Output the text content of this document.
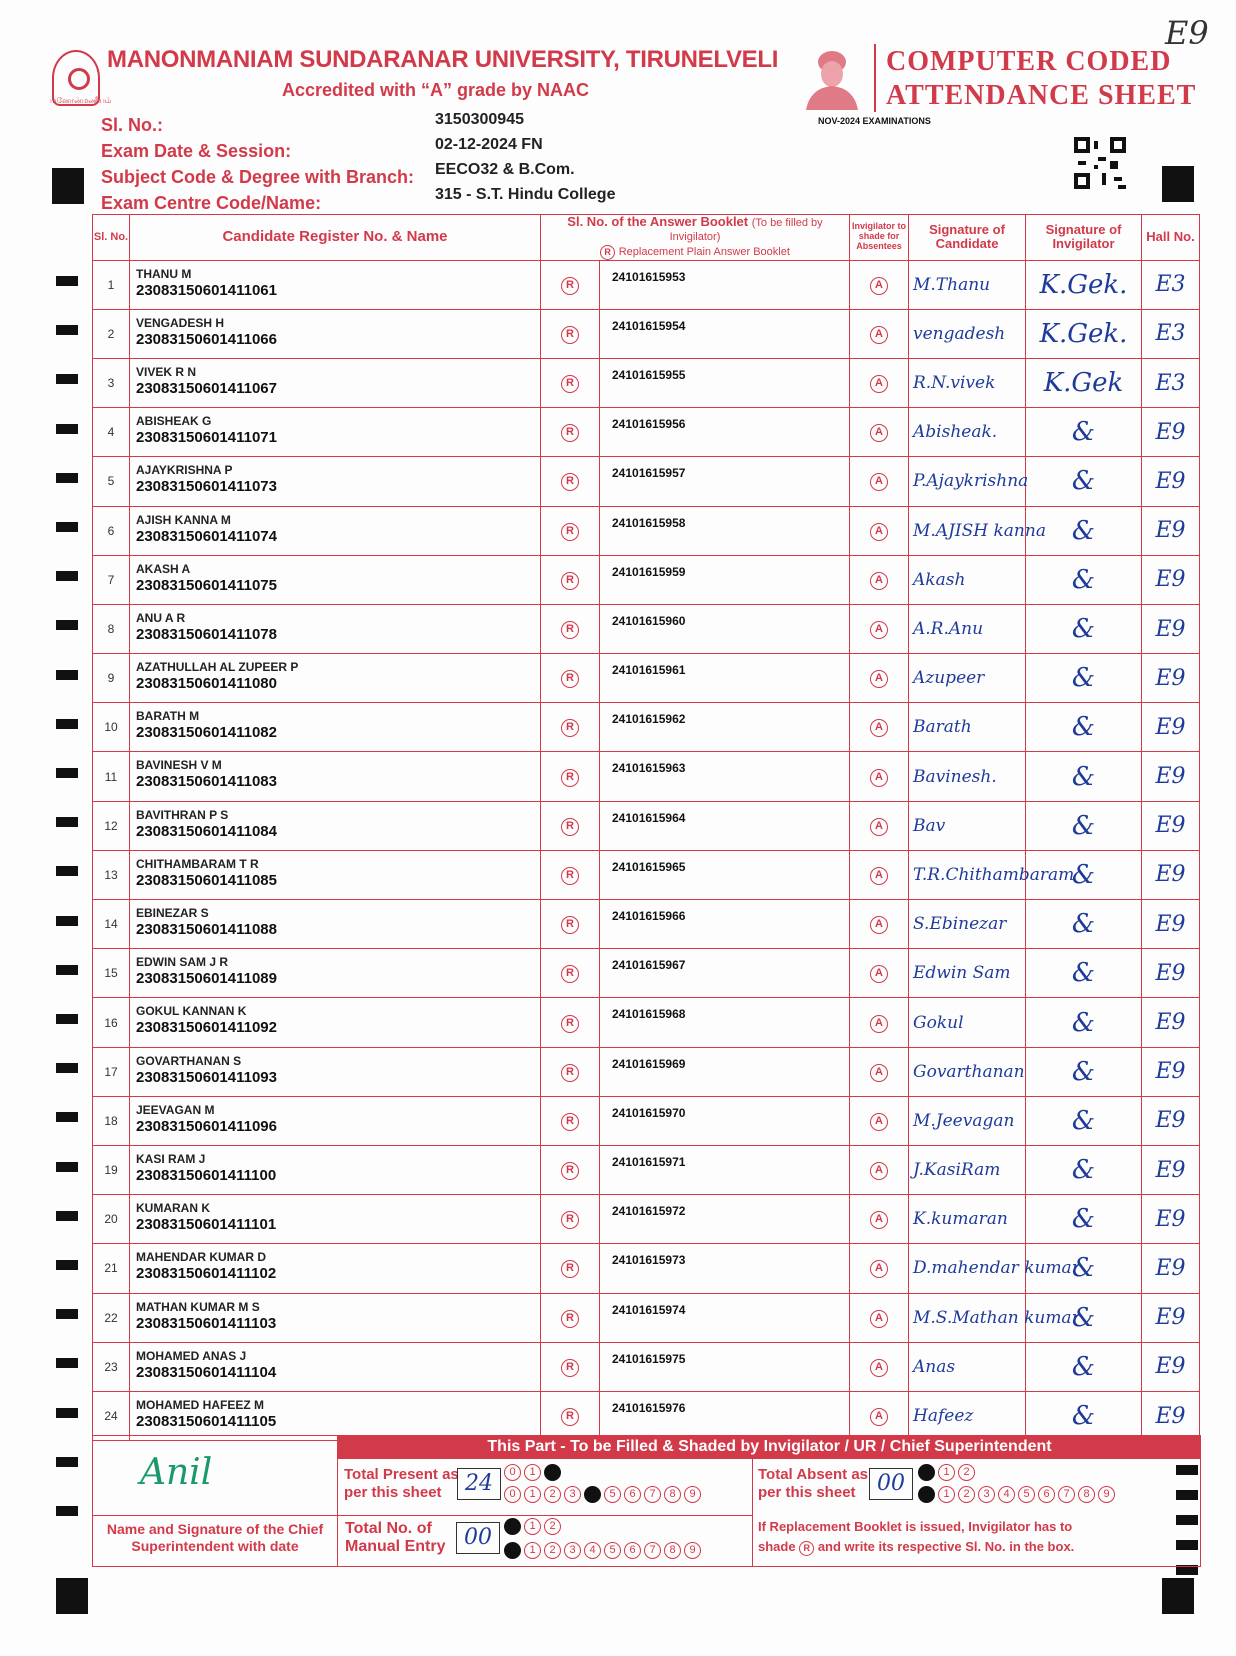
மனோன்மணீயம்
MANONMANIAM SUNDARANAR UNIVERSITY, TIRUNELVELI
Accredited with “A” grade by NAAC
COMPUTER CODED
ATTENDANCE SHEET
NOV-2024 EXAMINATIONS
E9
Sl. No.:	3150300945
Exam Date & Session:	02-12-2024 FN
Subject Code & Degree with Branch: EECO32 & B.Com.
Exam Centre Code/Name:	315 - S.T. Hindu College
Sl. No.	Candidate Register No. & Name	Sl. No. of the Answer Booklet (To be filled by Invigilator)
R Replacement Plain Answer Booklet		Invigilator to shade for Absentees	Signature of Candidate	Signature of Invigilator	Hall No.
1	THANU M
23083150601411061	R	24101615953	A	M.Thanu	K.Gek.	E3
2	VENGADESH H
23083150601411066	R	24101615954	A	vengadesh	K.Gek.	E3
3	VIVEK R N
23083150601411067	R	24101615955	A	R.N.vivek	K.Gek	E3
4	ABISHEAK G
23083150601411071	R	24101615956	A	Abisheak.	&	E9
5	AJAYKRISHNA P
23083150601411073	R	24101615957	A	P.Ajaykrishna	&	E9
6	AJISH KANNA M
23083150601411074	R	24101615958	A	M.AJISH kanna	&	E9
7	AKASH A
23083150601411075	R	24101615959	A	Akash	&	E9
8	ANU A R
23083150601411078	R	24101615960	A	A.R.Anu	&	E9
9	AZATHULLAH AL ZUPEER P
23083150601411080	R	24101615961	A	Azupeer	&	E9
10	BARATH M
23083150601411082	R	24101615962	A	Barath	&	E9
11	BAVINESH V M
23083150601411083	R	24101615963	A	Bavinesh.	&	E9
12	BAVITHRAN P S
23083150601411084	R	24101615964	A	Bav	&	E9
13	CHITHAMBARAM T R
23083150601411085	R	24101615965	A	T.R.Chithambaram	&	E9
14	EBINEZAR S
23083150601411088	R	24101615966	A	S.Ebinezar	&	E9
15	EDWIN SAM J R
23083150601411089	R	24101615967	A	Edwin Sam	&	E9
16	GOKUL KANNAN K
23083150601411092	R	24101615968	A	Gokul	&	E9
17	GOVARTHANAN S
23083150601411093	R	24101615969	A	Govarthanan	&	E9
18	JEEVAGAN M
23083150601411096	R	24101615970	A	M.Jeevagan	&	E9
19	KASI RAM J
23083150601411100	R	24101615971	A	J.KasiRam	&	E9
20	KUMARAN K
23083150601411101	R	24101615972	A	K.kumaran	&	E9
21	MAHENDAR KUMAR D
23083150601411102	R	24101615973	A	D.mahendar kumar	&	E9
22	MATHAN KUMAR M S
23083150601411103	R	24101615974	A	M.S.Mathan kumar	&	E9
23	MOHAMED ANAS J
23083150601411104	R	24101615975	A	Anas	&	E9
24	MOHAMED HAFEEZ M
23083150601411105	R	24101615976	A	Hafeez	&	E9
This Part - To be Filled & Shaded by Invigilator / UR / Chief Superintendent
Anil
Name and Signature of the Chief Superintendent with date
Total Present as per this sheet	24	0	1	2
0	1	2	3	4	5	6	7	8	9
Total Absent as per this sheet 00	0	1	2
0	1	2	3	4	5	6	7	8	9
Total No. of Manual Entry 00	0	1	2
0	1	2	3	4	5	6	7	8	9
If Replacement Booklet is issued, Invigilator has to
shade R and write its respective Sl. No. in the box.
